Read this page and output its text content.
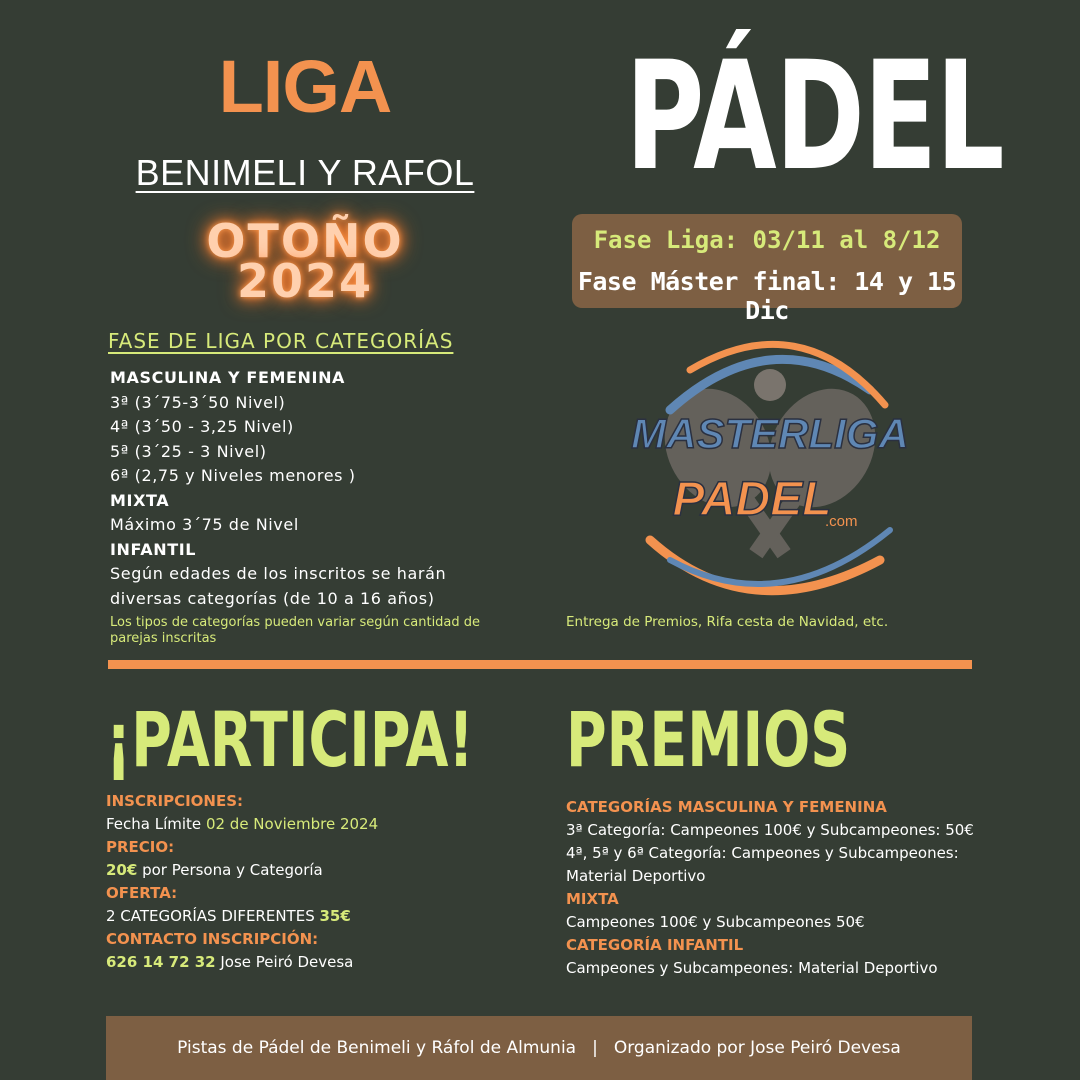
LIGA
BENIMELI Y RAFOL
OTOÑO
2024
PÁDEL
Fase Liga: 03/11 al 8/12
Fase Máster final: 14 y 15 Dic
FASE DE LIGA POR CATEGORÍAS
MASCULINA Y FEMENINA
3ª (3´75-3´50 Nivel)
4ª (3´50 - 3,25 Nivel)
5ª (3´25 - 3 Nivel)
6ª (2,75 y Niveles menores )
MIXTA
Máximo 3´75 de Nivel
INFANTIL
Según edades de los inscritos se harán
diversas categorías (de 10 a 16 años)
Los tipos de categorías pueden variar según cantidad de parejas inscritas
MASTERLIGA
PADEL
.com
Entrega de Premios, Rifa cesta de Navidad, etc.
¡PARTICIPA!
INSCRIPCIONES:
Fecha Límite 02 de Noviembre 2024
PRECIO:
20€ por Persona y Categoría
OFERTA:
2 CATEGORÍAS DIFERENTES 35€
CONTACTO INSCRIPCIÓN:
626 14 72 32 Jose Peiró Devesa
PREMIOS
CATEGORÍAS MASCULINA Y FEMENINA
3ª Categoría: Campeones 100€ y Subcampeones: 50€
4ª, 5ª y 6ª Categoría: Campeones y Subcampeones:
Material Deportivo
MIXTA
Campeones 100€ y Subcampeones 50€
CATEGORÍA INFANTIL
Campeones y Subcampeones: Material Deportivo
Pistas de Pádel de Benimeli y Ráfol de Almunia | Organizado por Jose Peiró Devesa
